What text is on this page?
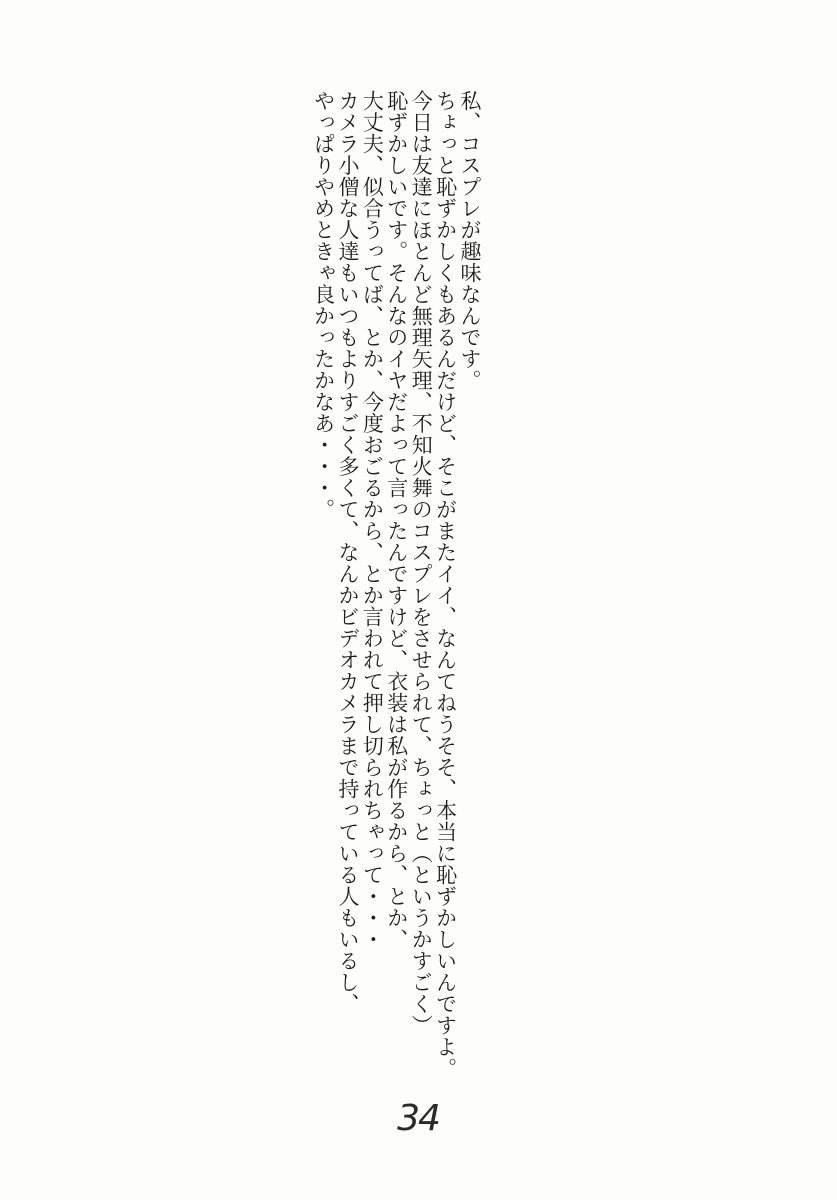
私、コスプレが趣味なんです。
ちょっと恥ずかしくもあるんだけど、そこがまたイイ、なんてねうそそ、本当に恥ずかしいんですよ。
今日は友達にほとんど無理矢理、不知火舞のコスプレをさせられて、ちょっと（というかすごく）
恥ずかしいです。そんなのイヤだよって言ったんですけど、衣装は私が作るから、とか、
大丈夫、似合うってば、とか、今度おごるから、とか言われて押し切られちゃって・・・
カメラ小僧な人達もいつもよりすごく多くて、なんかビデオカメラまで持っている人もいるし、
やっぱりやめときゃ良かったかなあ・・・。
34
